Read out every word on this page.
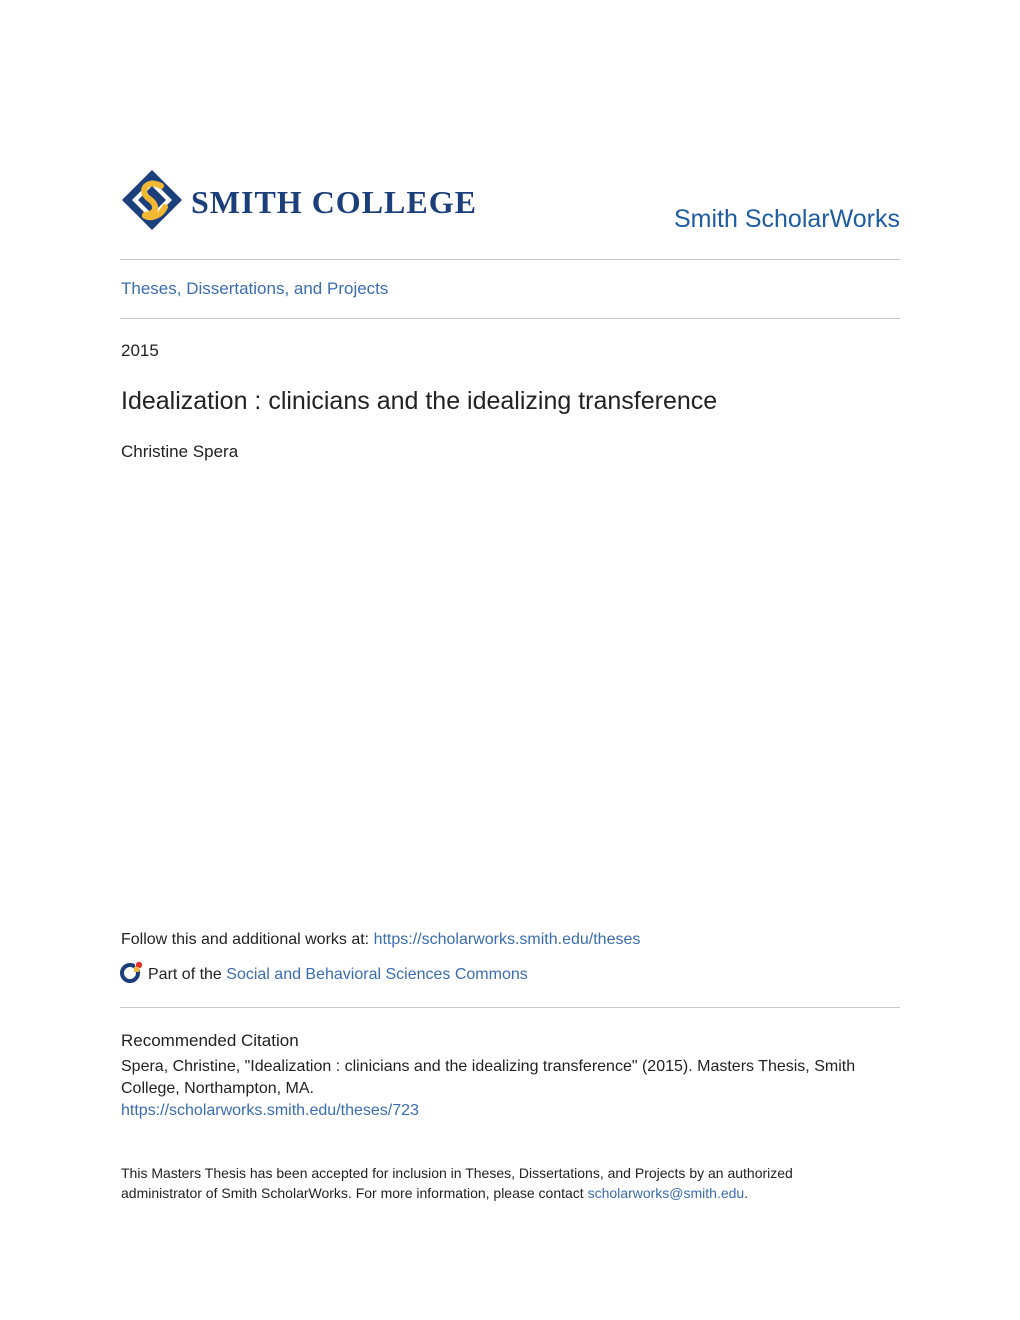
SMITH COLLEGE	Smith ScholarWorks
Theses, Dissertations, and Projects
2015
Idealization : clinicians and the idealizing transference
Christine Spera
Follow this and additional works at: https://scholarworks.smith.edu/theses
Part of the Social and Behavioral Sciences Commons
Recommended Citation
Spera, Christine, "Idealization : clinicians and the idealizing transference" (2015). Masters Thesis, Smith
College, Northampton, MA.
https://scholarworks.smith.edu/theses/723
This Masters Thesis has been accepted for inclusion in Theses, Dissertations, and Projects by an authorized
administrator of Smith ScholarWorks. For more information, please contact scholarworks@smith.edu.
